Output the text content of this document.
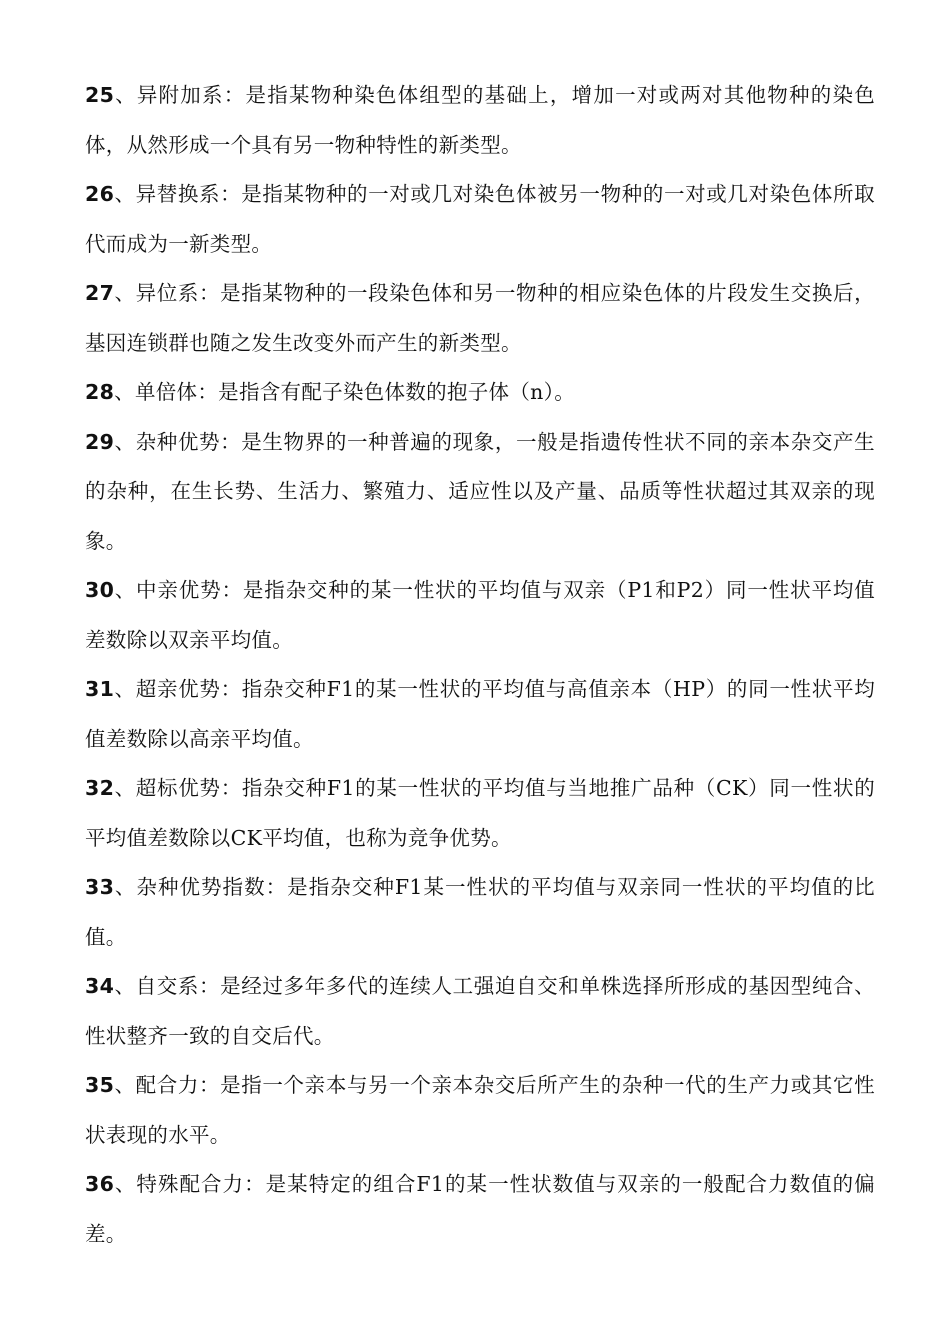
25、异附加系：是指某物种染色体组型的基础上，增加一对或两对其他物种的染色体，从然形成一个具有另一物种特性的新类型。

26、异替换系：是指某物种的一对或几对染色体被另一物种的一对或几对染色体所取代而成为一新类型。

27、异位系：是指某物种的一段染色体和另一物种的相应染色体的片段发生交换后，基因连锁群也随之发生改变外而产生的新类型。

28、单倍体：是指含有配子染色体数的抱子体（n）。

29、杂种优势：是生物界的一种普遍的现象，一般是指遗传性状不同的亲本杂交产生的杂种，在生长势、生活力、繁殖力、适应性以及产量、品质等性状超过其双亲的现象。

30、中亲优势：是指杂交种的某一性状的平均值与双亲（P1和P2）同一性状平均值差数除以双亲平均值。

31、超亲优势：指杂交种F1的某一性状的平均值与高值亲本（HP）的同一性状平均值差数除以高亲平均值。

32、超标优势：指杂交种F1的某一性状的平均值与当地推广品种（CK）同一性状的平均值差数除以CK平均值，也称为竞争优势。

33、杂种优势指数：是指杂交种F1某一性状的平均值与双亲同一性状的平均值的比值。

34、自交系：是经过多年多代的连续人工强迫自交和单株选择所形成的基因型纯合、性状整齐一致的自交后代。

35、配合力：是指一个亲本与另一个亲本杂交后所产生的杂种一代的生产力或其它性状表现的水平。

36、特殊配合力：是某特定的组合F1的某一性状数值与双亲的一般配合力数值的偏差。
